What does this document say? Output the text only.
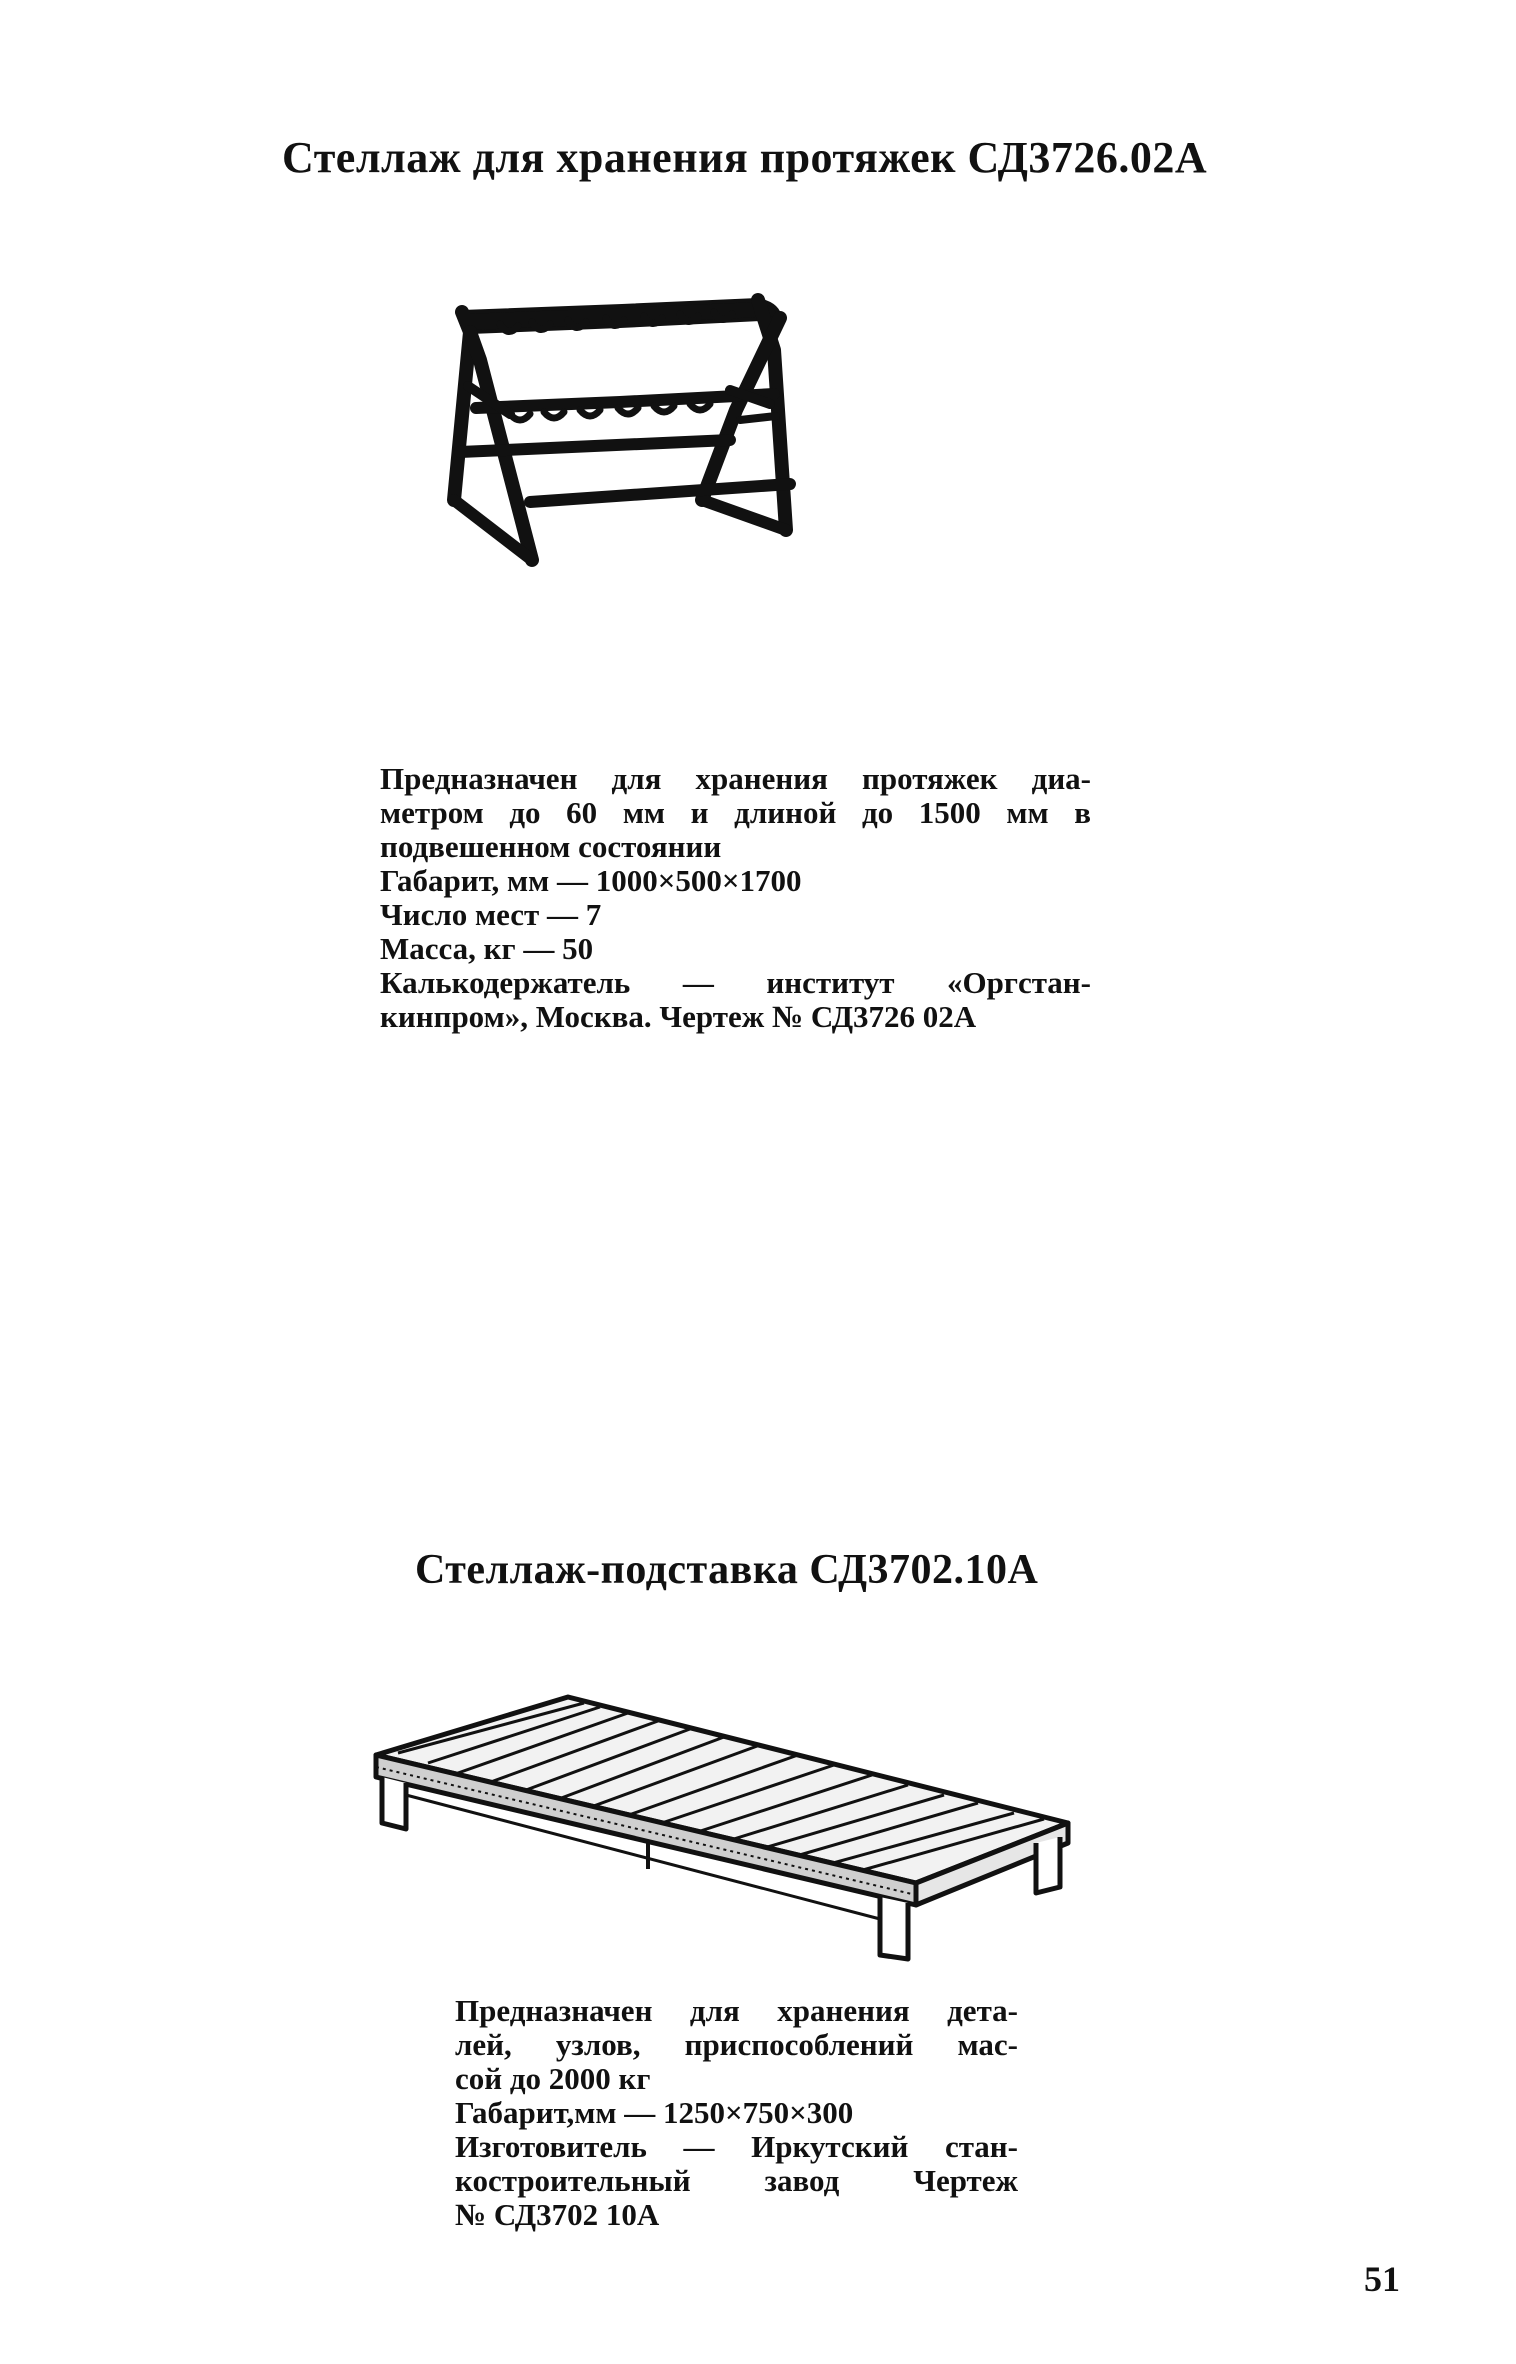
Стеллаж для хранения протяжек СД3726.02А

Предназначен для хранения протяжек диа-

метром до 60 мм и длиной до 1500 мм в

подвешенном состоянии

Габарит, мм — 1000×500×1700

Число мест — 7

Масса, кг — 50

Калькодержатель — институт «Оргстан-

кинпром», Москва. Чертеж № СД3726 02А

Стеллаж-подставка СД3702.10А

Предназначен для хранения дета-

лей, узлов, приспособлений мас-

сой до 2000 кг

Габарит,мм — 1250×750×300

Изготовитель — Иркутский стан-

костроительный завод Чертеж

№ СД3702 10А

51
